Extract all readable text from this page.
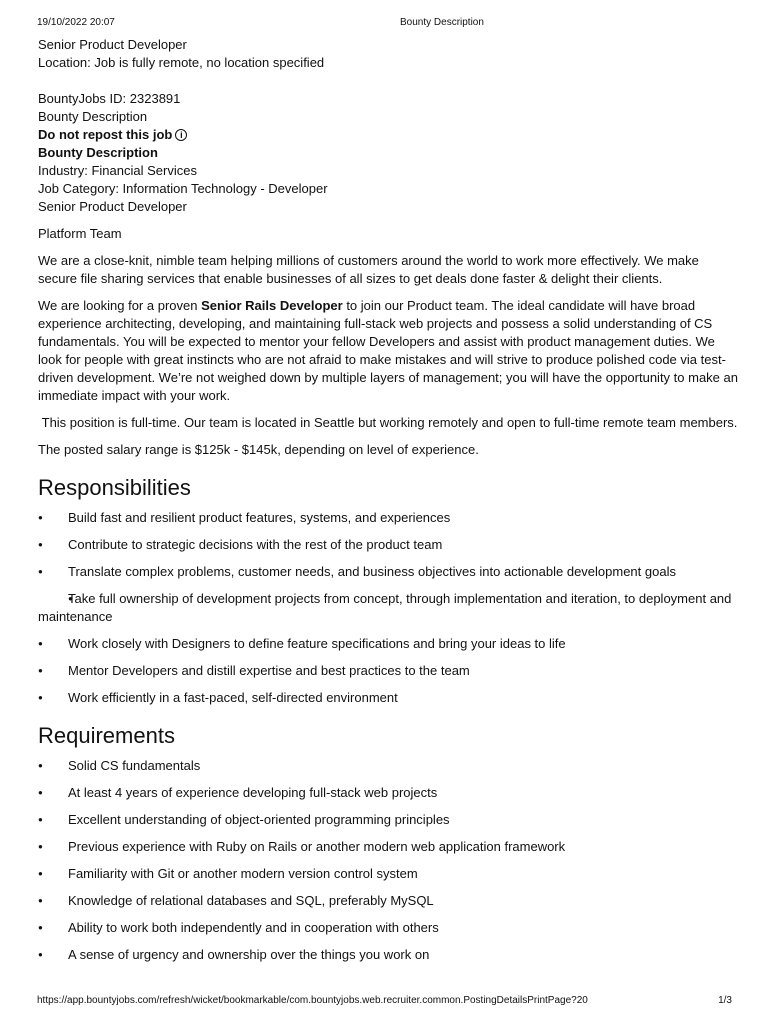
19/10/2022 20:07	Bounty Description
Senior Product Developer
Location: Job is fully remote, no location specified
BountyJobs ID: 2323891
Bounty Description
Do not repost this job i
Bounty Description
Industry: Financial Services
Job Category: Information Technology - Developer
Senior Product Developer

Platform Team

We are a close-knit, nimble team helping millions of customers around the world to work more effectively. We make secure file sharing services that enable businesses of all sizes to get deals done faster & delight their clients.

We are looking for a proven Senior Rails Developer to join our Product team. The ideal candidate will have broad experience architecting, developing, and maintaining full-stack web projects and possess a solid understanding of CS fundamentals. You will be expected to mentor your fellow Developers and assist with product management duties. We look for people with great instincts who are not afraid to make mistakes and will strive to produce polished code via test-driven development. We’re not weighed down by multiple layers of management; you will have the opportunity to make an immediate impact with your work.

This position is full-time. Our team is located in Seattle but working remotely and open to full-time remote team members.

The posted salary range is $125k - $145k, depending on level of experience.

Responsibilities
● Build fast and resilient product features, systems, and experiences
● Contribute to strategic decisions with the rest of the product team
● Translate complex problems, customer needs, and business objectives into actionable development goals
● Take full ownership of development projects from concept, through implementation and iteration, to deployment and maintenance
● Work closely with Designers to define feature specifications and bring your ideas to life
● Mentor Developers and distill expertise and best practices to the team
● Work efficiently in a fast-paced, self-directed environment
Requirements
● Solid CS fundamentals
● At least 4 years of experience developing full-stack web projects
● Excellent understanding of object-oriented programming principles
● Previous experience with Ruby on Rails or another modern web application framework
● Familiarity with Git or another modern version control system
● Knowledge of relational databases and SQL, preferably MySQL
● Ability to work both independently and in cooperation with others
● A sense of urgency and ownership over the things you work on
https://app.bountyjobs.com/refresh/wicket/bookmarkable/com.bountyjobs.web.recruiter.common.PostingDetailsPrintPage?20	1/3
